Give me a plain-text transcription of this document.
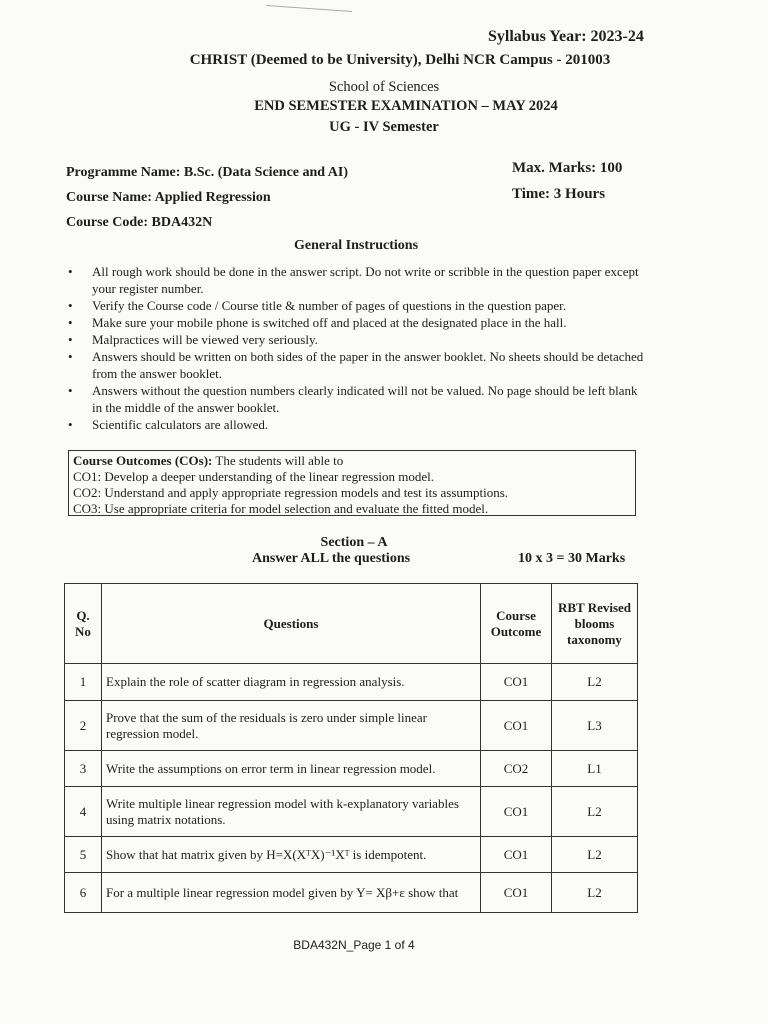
Syllabus Year: 2023-24
CHRIST (Deemed to be University), Delhi NCR Campus - 201003
School of Sciences
END SEMESTER EXAMINATION – MAY 2024
UG - IV Semester
Programme Name: B.Sc. (Data Science and AI)
Course Name: Applied Regression
Course Code: BDA432N
Max. Marks: 100
Time: 3 Hours
General Instructions
• All rough work should be done in the answer script. Do not write or scribble in the question paper except your register number.
• Verify the Course code / Course title & number of pages of questions in the question paper.
• Make sure your mobile phone is switched off and placed at the designated place in the hall.
• Malpractices will be viewed very seriously.
• Answers should be written on both sides of the paper in the answer booklet. No sheets should be detached from the answer booklet.
• Answers without the question numbers clearly indicated will not be valued. No page should be left blank in the middle of the answer booklet.
• Scientific calculators are allowed.
Course Outcomes (COs): The students will able to
CO1: Develop a deeper understanding of the linear regression model.
CO2: Understand and apply appropriate regression models and test its assumptions.
CO3: Use appropriate criteria for model selection and evaluate the fitted model.
Section – A
Answer ALL the questions	10 x 3 = 30 Marks
Q. No	Questions	Course Outcome	RBT Revised blooms taxonomy
1	Explain the role of scatter diagram in regression analysis.	CO1	L2
2	Prove that the sum of the residuals is zero under simple linear regression model.	CO1	L3
3	Write the assumptions on error term in linear regression model.	CO2	L1
4	Write multiple linear regression model with k-explanatory variables using matrix notations.	CO1	L2
5	Show that hat matrix given by H=X(XᵀX)⁻¹Xᵀ is idempotent.	CO1	L2
6	For a multiple linear regression model given by Y= Xβ+ε show that	CO1	L2
BDA432N_Page 1 of 4
